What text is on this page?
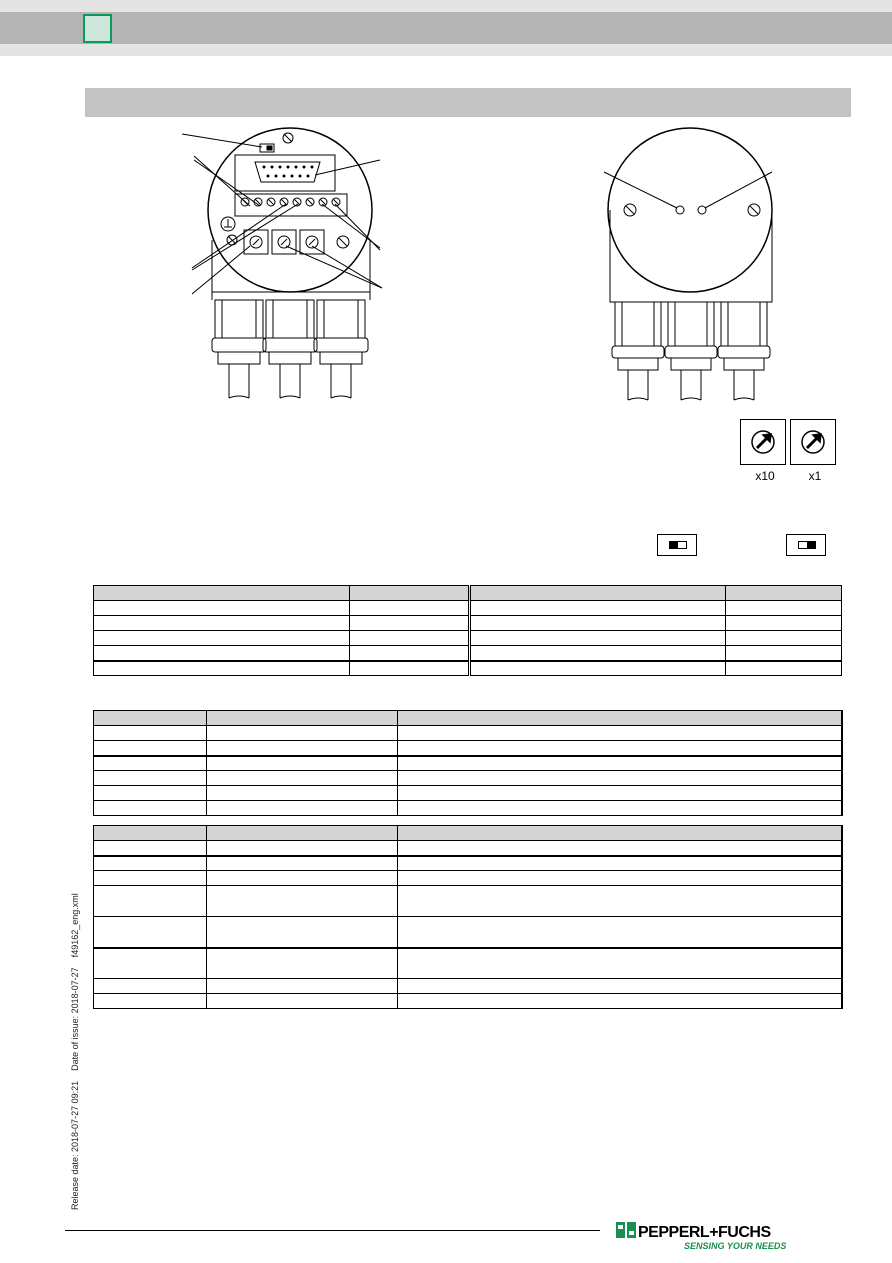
x10	x1

Release date: 2018-07-27 09:21
Date of issue: 2018-07-27
f49162_eng.xml
PEPPERL+FUCHS
SENSING YOUR NEEDS
